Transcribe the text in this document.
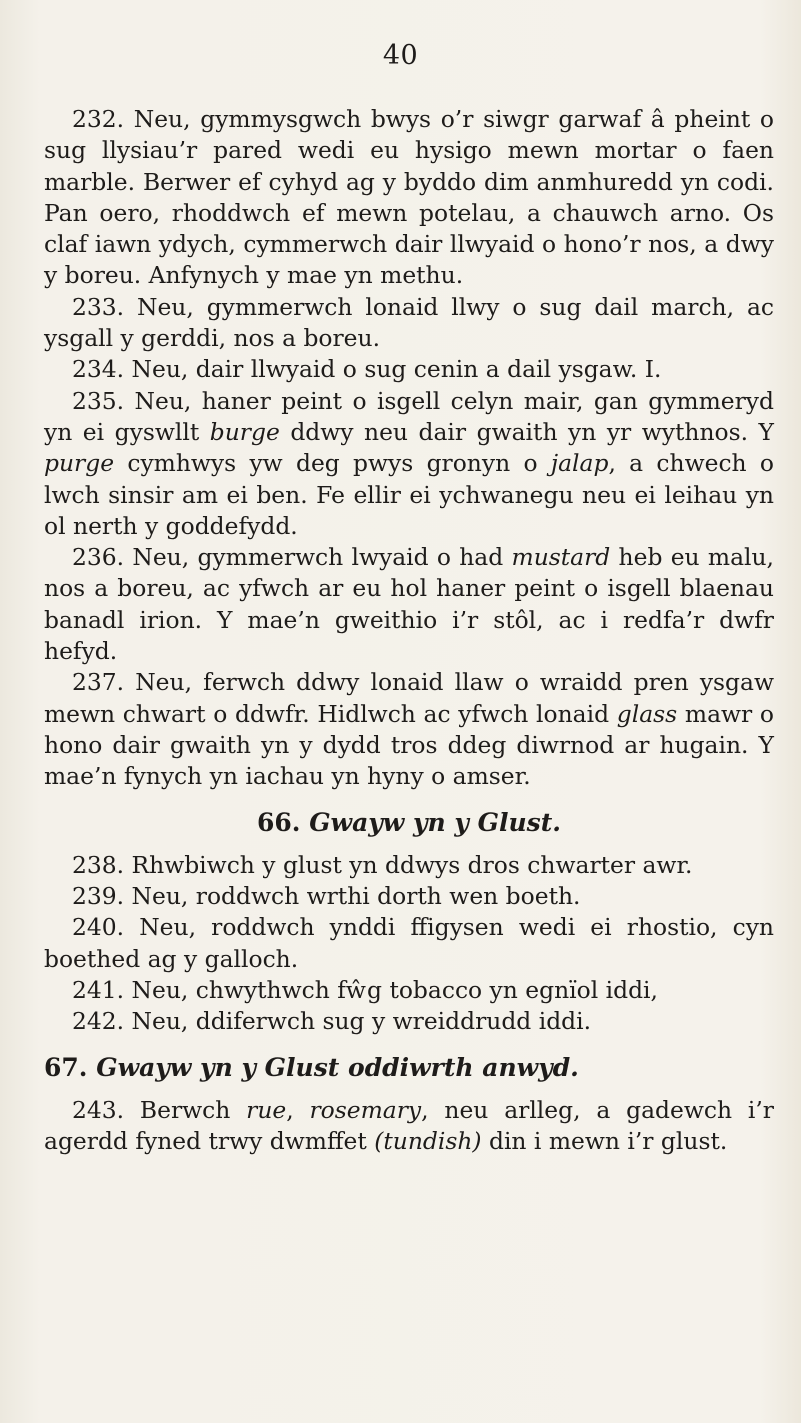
40

232. Neu, gymmysgwch bwys o’r siwgr garwaf â pheint o sug llysiau’r pared wedi eu hysigo mewn mortar o faen marble. Berwer ef cyhyd ag y byddo dim anmhuredd yn codi. Pan oero, rhoddwch ef mewn potelau, a chauwch arno. Os claf iawn ydych, cymmerwch dair llwyaid o hono’r nos, a dwy y boreu. Anfynych y mae yn methu.

233. Neu, gymmerwch lonaid llwy o sug dail march, ac ysgall y gerddi, nos a boreu.

234. Neu, dair llwyaid o sug cenin a dail ysgaw. I.

235. Neu, haner peint o isgell celyn mair, gan gymmeryd yn ei gyswllt burge ddwy neu dair gwaith yn yr wythnos. Y purge cymhwys yw deg pwys gronyn o jalap, a chwech o lwch sinsir am ei ben. Fe ellir ei ychwanegu neu ei leihau yn ol nerth y goddefydd.

236. Neu, gymmerwch lwyaid o had mustard heb eu malu, nos a boreu, ac yfwch ar eu hol haner peint o isgell blaenau banadl irion. Y mae’n gweithio i’r stôl, ac i redfa’r dwfr hefyd.

237. Neu, ferwch ddwy lonaid llaw o wraidd pren ysgaw mewn chwart o ddwfr. Hidlwch ac yfwch lonaid glass mawr o hono dair gwaith yn y dydd tros ddeg diwrnod ar hugain. Y mae’n fynych yn iachau yn hyny o amser.

66. Gwayw yn y Glust.

238. Rhwbiwch y glust yn ddwys dros chwarter awr.

239. Neu, roddwch wrthi dorth wen boeth.

240. Neu, roddwch ynddi ffigysen wedi ei rhostio, cyn boethed ag y galloch.

241. Neu, chwythwch fŵg tobacco yn egnïol iddi,

242. Neu, ddiferwch sug y wreiddrudd iddi.

67. Gwayw yn y Glust oddiwrth anwyd.

243. Berwch rue, rosemary, neu arlleg, a gadewch i’r agerdd fyned trwy dwmffet (tundish) din i mewn i’r glust.
